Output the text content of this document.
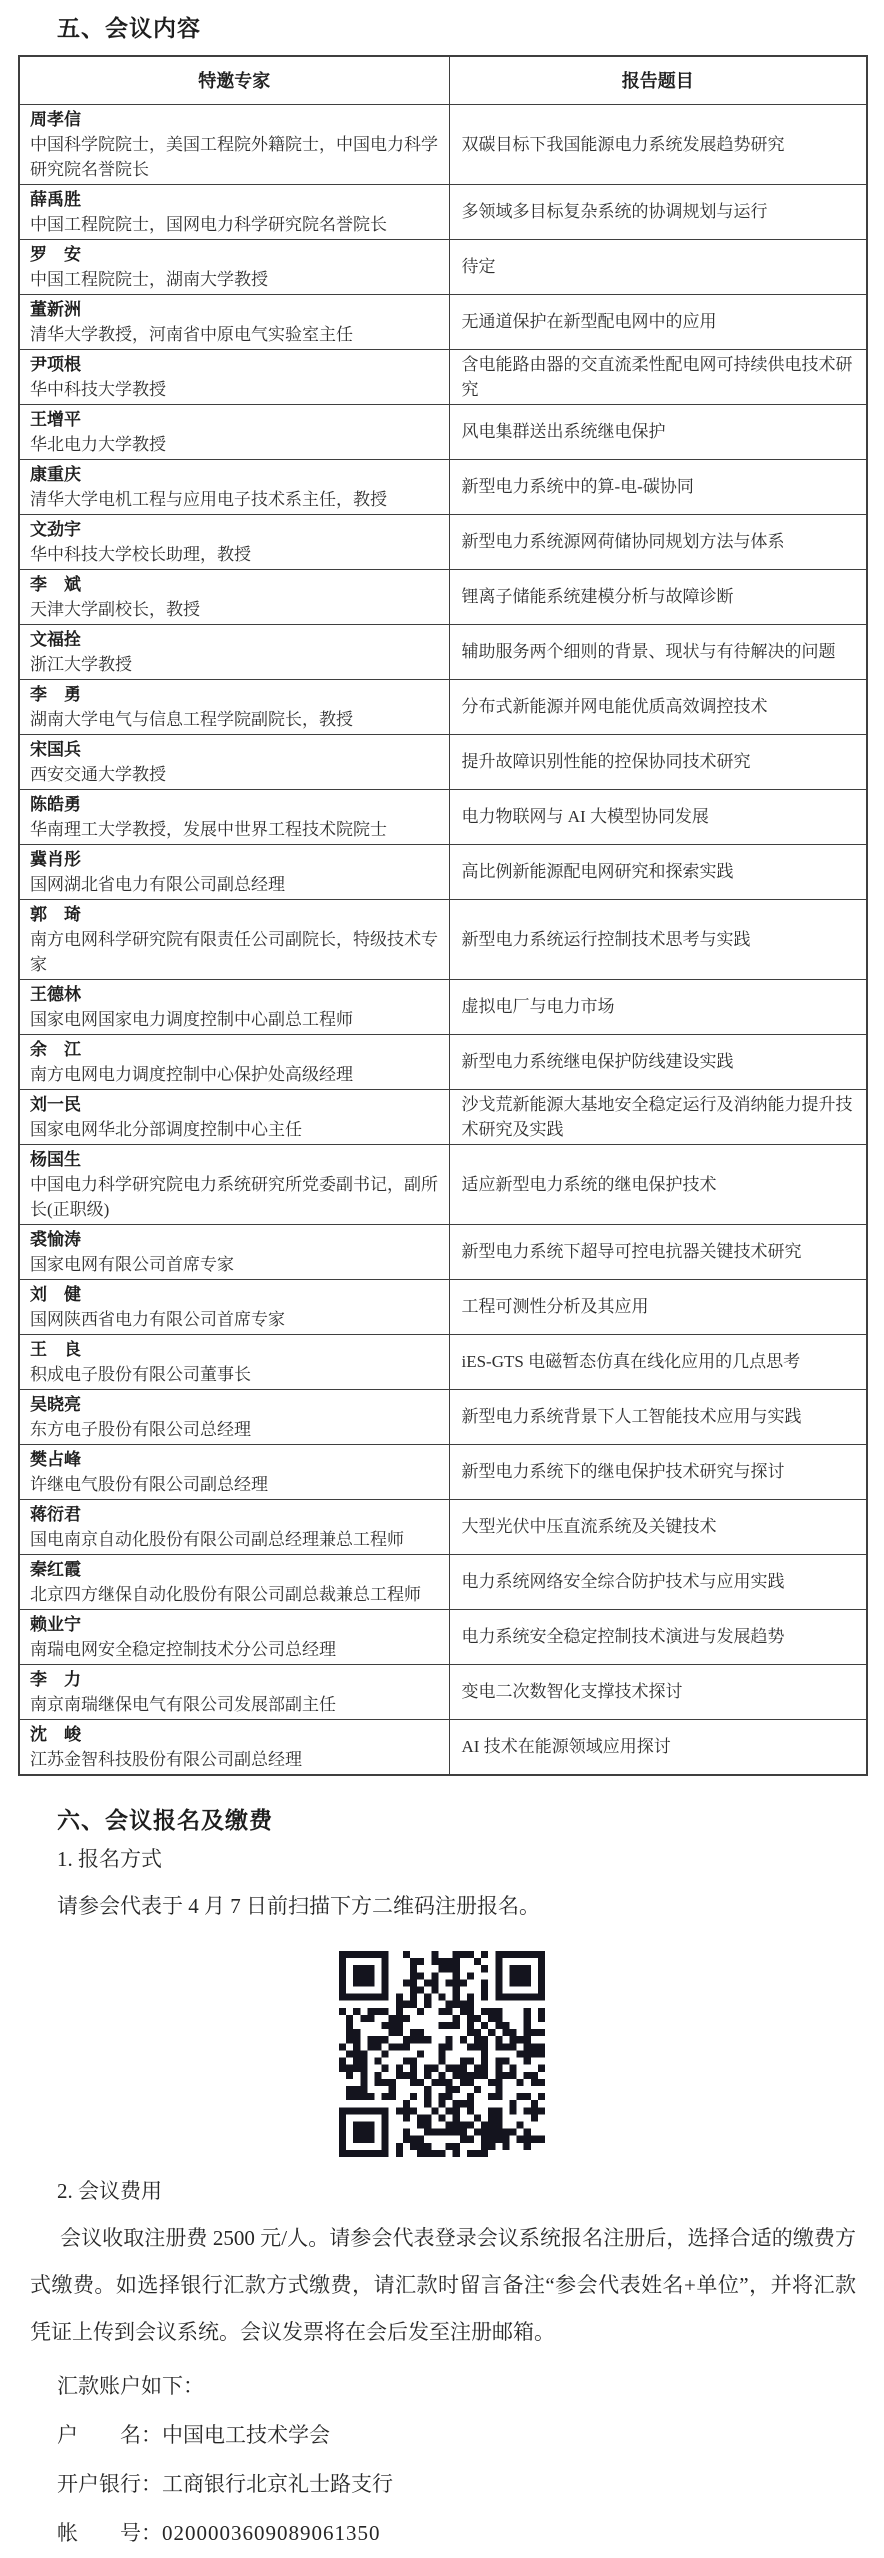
五、会议内容
特邀专家	报告题目

周孝信
中国科学院院士，美国工程院外籍院士，中国电力科学研究院名誉院长	双碳目标下我国能源电力系统发展趋势研究

薛禹胜
中国工程院院士，国网电力科学研究院名誉院长	多领域多目标复杂系统的协调规划与运行

罗　安
中国工程院院士，湖南大学教授	待定

董新洲
清华大学教授，河南省中原电气实验室主任	无通道保护在新型配电网中的应用

尹项根
华中科技大学教授	含电能路由器的交直流柔性配电网可持续供电技术研究

王增平
华北电力大学教授	风电集群送出系统继电保护

康重庆
清华大学电机工程与应用电子技术系主任，教授	新型电力系统中的算-电-碳协同

文劲宇
华中科技大学校长助理，教授	新型电力系统源网荷储协同规划方法与体系

李　斌
天津大学副校长，教授	锂离子储能系统建模分析与故障诊断

文福拴
浙江大学教授	辅助服务两个细则的背景、现状与有待解决的问题

李　勇
湖南大学电气与信息工程学院副院长，教授	分布式新能源并网电能优质高效调控技术

宋国兵
西安交通大学教授	提升故障识别性能的控保协同技术研究

陈皓勇
华南理工大学教授，发展中世界工程技术院院士	电力物联网与 AI 大模型协同发展

冀肖彤
国网湖北省电力有限公司副总经理	高比例新能源配电网研究和探索实践

郭　琦
南方电网科学研究院有限责任公司副院长，特级技术专家	新型电力系统运行控制技术思考与实践

王德林
国家电网国家电力调度控制中心副总工程师	虚拟电厂与电力市场

余　江
南方电网电力调度控制中心保护处高级经理	新型电力系统继电保护防线建设实践

刘一民
国家电网华北分部调度控制中心主任	沙戈荒新能源大基地安全稳定运行及消纳能力提升技术研究及实践

杨国生
中国电力科学研究院电力系统研究所党委副书记，副所长(正职级)	适应新型电力系统的继电保护技术

裘愉涛
国家电网有限公司首席专家	新型电力系统下超导可控电抗器关键技术研究

刘　健
国网陕西省电力有限公司首席专家	工程可测性分析及其应用

王　良
积成电子股份有限公司董事长	iES-GTS 电磁暂态仿真在线化应用的几点思考

吴晓亮
东方电子股份有限公司总经理	新型电力系统背景下人工智能技术应用与实践

樊占峰
许继电气股份有限公司副总经理	新型电力系统下的继电保护技术研究与探讨

蒋衍君
国电南京自动化股份有限公司副总经理兼总工程师	大型光伏中压直流系统及关键技术

秦红霞
北京四方继保自动化股份有限公司副总裁兼总工程师	电力系统网络安全综合防护技术与应用实践

赖业宁
南瑞电网安全稳定控制技术分公司总经理	电力系统安全稳定控制技术演进与发展趋势

李　力
南京南瑞继保电气有限公司发展部副主任	变电二次数智化支撑技术探讨

沈　峻
江苏金智科技股份有限公司副总经理	AI 技术在能源领域应用探讨
六、会议报名及缴费

1. 报名方式

请参会代表于 4 月 7 日前扫描下方二维码注册报名。

2. 会议费用

会议收取注册费 2500 元/人。请参会代表登录会议系统报名注册后，选择合适的缴费方式缴费。如选择银行汇款方式缴费，请汇款时留言备注“参会代表姓名+单位”，并将汇款凭证上传到会议系统。会议发票将在会后发至注册邮箱。

汇款账户如下：

户　　名：中国电工技术学会

开户银行：工商银行北京礼士路支行

帐　　号：0200003609089061350
